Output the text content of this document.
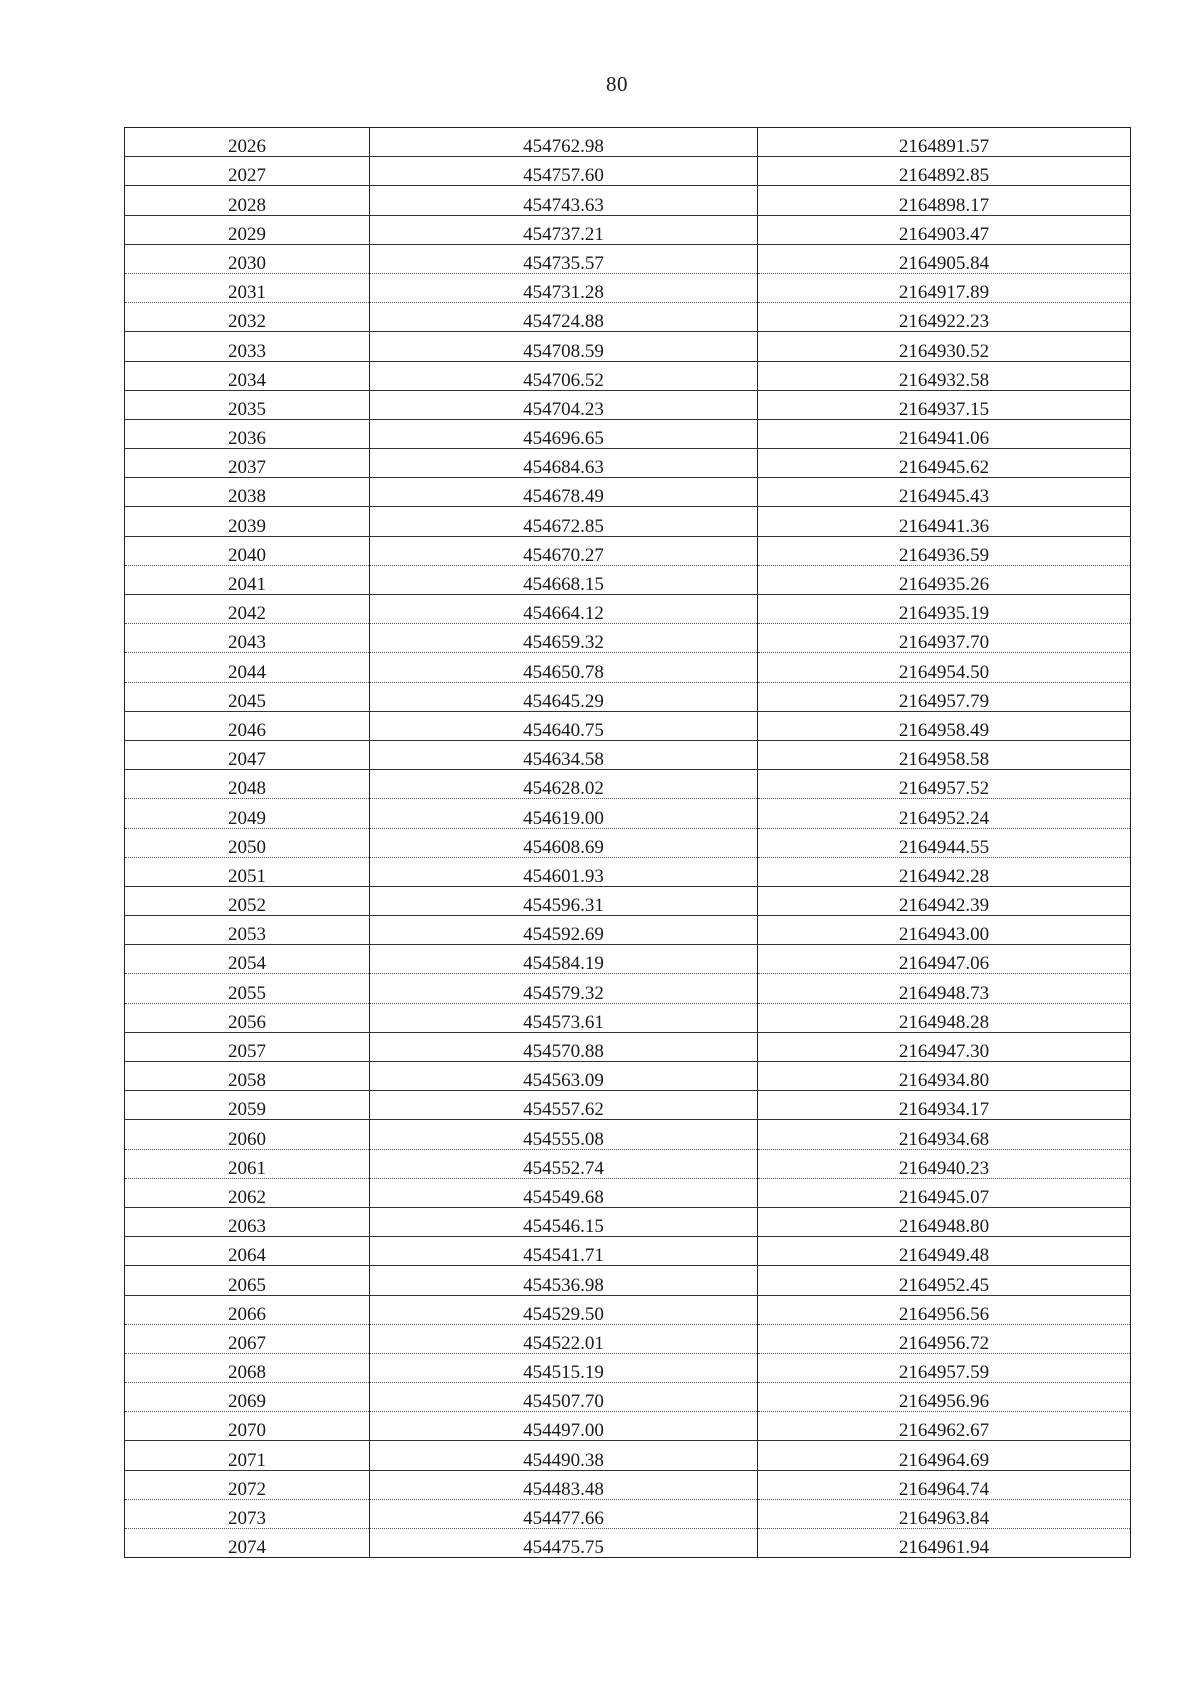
80
2026	454762.98	2164891.57
2027	454757.60	2164892.85
2028	454743.63	2164898.17
2029	454737.21	2164903.47
2030	454735.57	2164905.84
2031	454731.28	2164917.89
2032	454724.88	2164922.23
2033	454708.59	2164930.52
2034	454706.52	2164932.58
2035	454704.23	2164937.15
2036	454696.65	2164941.06
2037	454684.63	2164945.62
2038	454678.49	2164945.43
2039	454672.85	2164941.36
2040	454670.27	2164936.59
2041	454668.15	2164935.26
2042	454664.12	2164935.19
2043	454659.32	2164937.70
2044	454650.78	2164954.50
2045	454645.29	2164957.79
2046	454640.75	2164958.49
2047	454634.58	2164958.58
2048	454628.02	2164957.52
2049	454619.00	2164952.24
2050	454608.69	2164944.55
2051	454601.93	2164942.28
2052	454596.31	2164942.39
2053	454592.69	2164943.00
2054	454584.19	2164947.06
2055	454579.32	2164948.73
2056	454573.61	2164948.28
2057	454570.88	2164947.30
2058	454563.09	2164934.80
2059	454557.62	2164934.17
2060	454555.08	2164934.68
2061	454552.74	2164940.23
2062	454549.68	2164945.07
2063	454546.15	2164948.80
2064	454541.71	2164949.48
2065	454536.98	2164952.45
2066	454529.50	2164956.56
2067	454522.01	2164956.72
2068	454515.19	2164957.59
2069	454507.70	2164956.96
2070	454497.00	2164962.67
2071	454490.38	2164964.69
2072	454483.48	2164964.74
2073	454477.66	2164963.84
2074	454475.75	2164961.94
